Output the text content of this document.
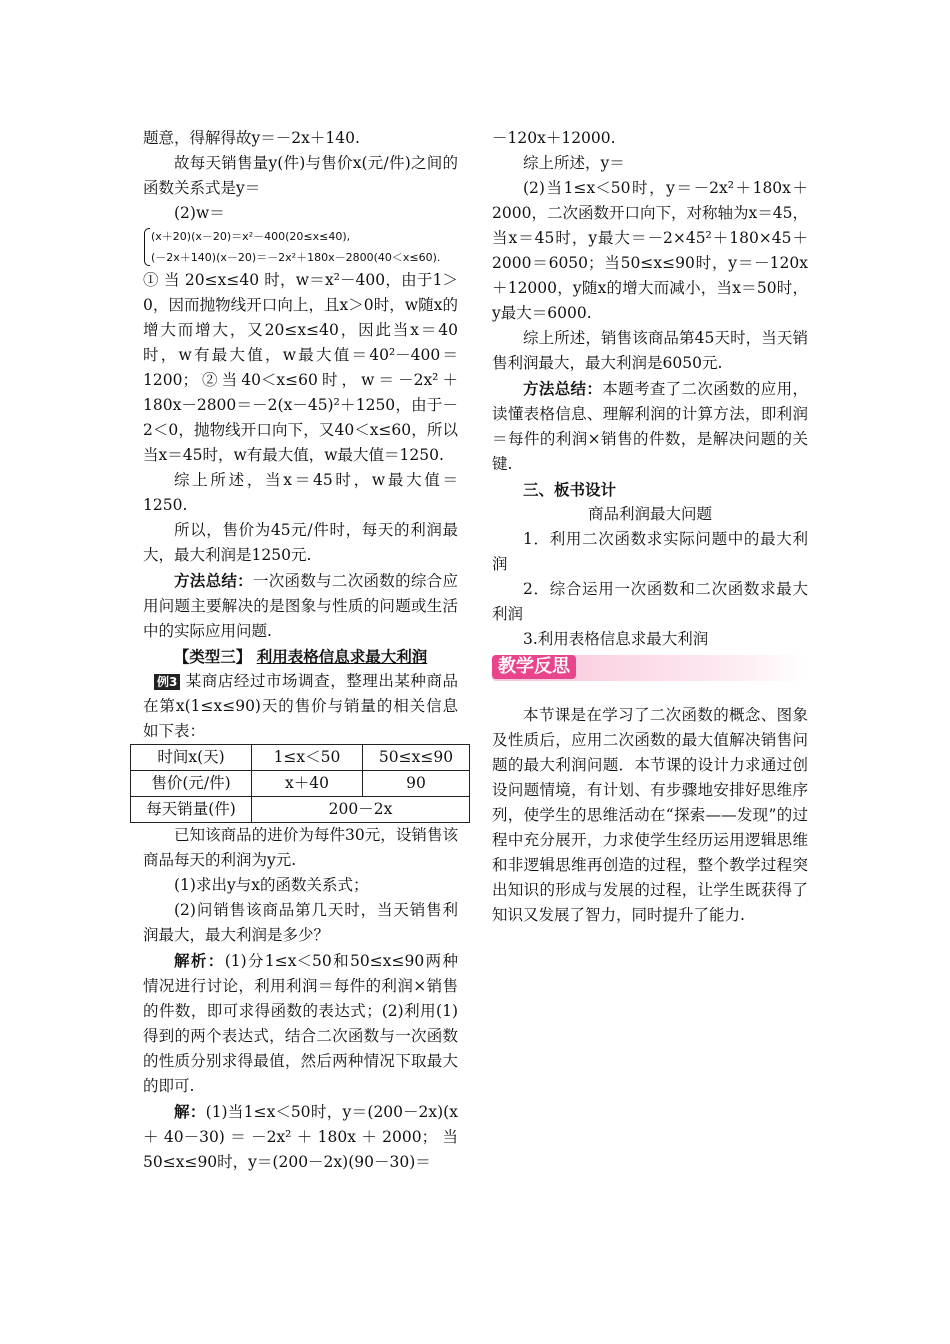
题意，得解得故y＝－2x＋140.

故每天销售量y(件)与售价x(元/件)之间的函数关系式是y＝

(2)w＝

(x＋20)(x－20)＝x²－400(20≤x≤40),
(－2x＋140)(x－20)＝－2x²＋180x－2800(40＜x≤60).

① 当 20≤x≤40 时，w＝x²－400，由于1＞0，因而抛物线开口向上，且x＞0时，w随x的增大而增大，又20≤x≤40，因此当x＝40时，w有最大值，w最大值＝40²－400＝1200；②当40＜x≤60时，w＝－2x²＋180x－2800＝－2(x－45)²＋1250，由于－2＜0，抛物线开口向下，又40＜x≤60，所以当x＝45时，w有最大值，w最大值＝1250.

综上所述，当x＝45时，w最大值＝1250.

所以，售价为45元/件时，每天的利润最大，最大利润是1250元.

方法总结：一次函数与二次函数的综合应用问题主要解决的是图象与性质的问题或生活中的实际应用问题.

【类型三】 利用表格信息求最大利润

例3 某商店经过市场调查，整理出某种商品在第x(1≤x≤90)天的售价与销量的相关信息如下表：

时间x(天)	1≤x＜50	50≤x≤90
售价(元/件)	x＋40	90
每天销量(件)	200－2x	

已知该商品的进价为每件30元，设销售该商品每天的利润为y元.

(1)求出y与x的函数关系式；

(2)问销售该商品第几天时，当天销售利润最大，最大利润是多少？

解析：(1)分1≤x＜50和50≤x≤90两种情况进行讨论，利用利润＝每件的利润×销售的件数，即可求得函数的表达式；(2)利用(1)得到的两个表达式，结合二次函数与一次函数的性质分别求得最值，然后两种情况下取最大的即可.

解：(1)当1≤x＜50时，y＝(200－2x)(x＋40－30)＝－2x²＋180x＋2000；当50≤x≤90时，y＝(200－2x)(90－30)＝

－120x＋12000.

综上所述，y＝

(2)当1≤x＜50时，y＝－2x²＋180x＋2000，二次函数开口向下，对称轴为x＝45，当x＝45时，y最大＝－2×45²＋180×45＋2000＝6050；当50≤x≤90时，y＝－120x＋12000，y随x的增大而减小，当x＝50时，y最大＝6000.

综上所述，销售该商品第45天时，当天销售利润最大，最大利润是6050元.

方法总结：本题考查了二次函数的应用，读懂表格信息、理解利润的计算方法，即利润＝每件的利润×销售的件数，是解决问题的关键.

三、板书设计

商品利润最大问题

1．利用二次函数求实际问题中的最大利润

2．综合运用一次函数和二次函数求最大利润

3.利用表格信息求最大利润

教学反思

本节课是在学习了二次函数的概念、图象及性质后，应用二次函数的最大值解决销售问题的最大利润问题．本节课的设计力求通过创设问题情境，有计划、有步骤地安排好思维序列，使学生的思维活动在“探索——发现”的过程中充分展开，力求使学生经历运用逻辑思维和非逻辑思维再创造的过程，整个教学过程突出知识的形成与发展的过程，让学生既获得了知识又发展了智力，同时提升了能力.
